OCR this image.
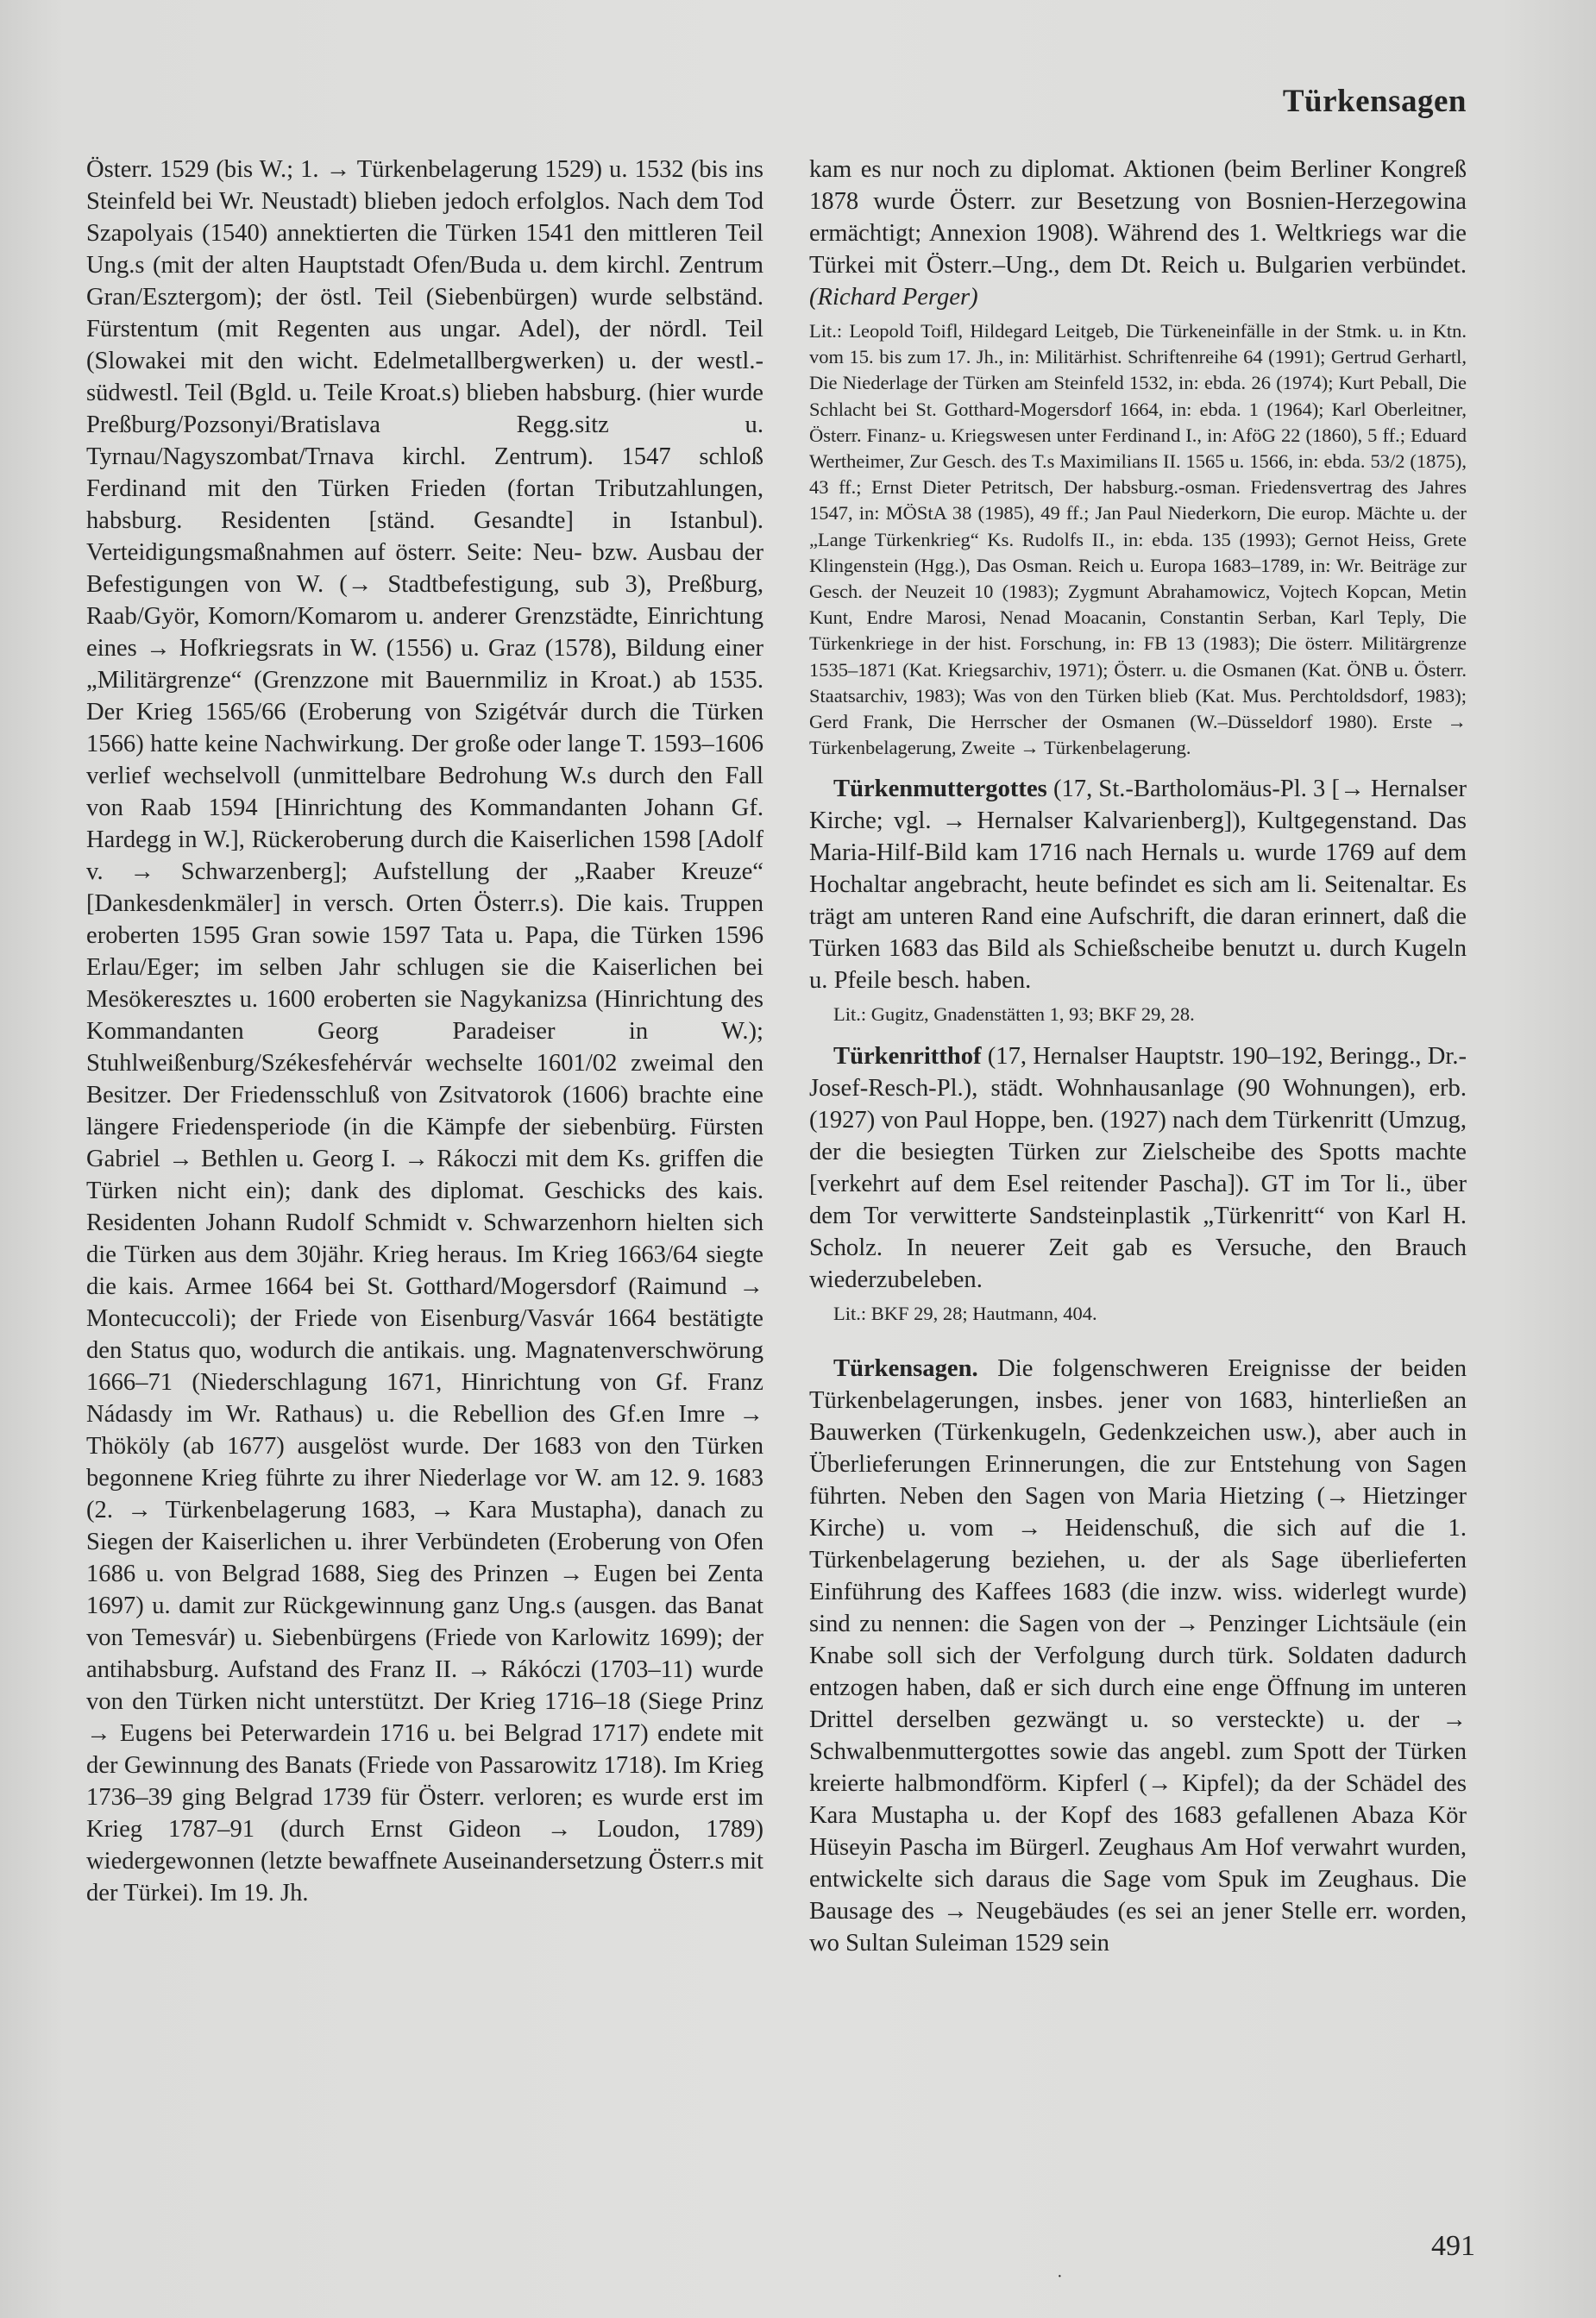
Türkensagen

Österr. 1529 (bis W.; 1. → Türkenbelagerung 1529) u. 1532 (bis ins Steinfeld bei Wr. Neustadt) blieben jedoch erfolglos. Nach dem Tod Szapolyais (1540) annektierten die Türken 1541 den mittleren Teil Ung.s (mit der alten Hauptstadt Ofen/Buda u. dem kirchl. Zentrum Gran/Esztergom); der östl. Teil (Siebenbürgen) wurde selbständ. Fürstentum (mit Regenten aus ungar. Adel), der nördl. Teil (Slowakei mit den wicht. Edelmetallbergwerken) u. der westl.-südwestl. Teil (Bgld. u. Teile Kroat.s) blieben habsburg. (hier wurde Preßburg/Pozsonyi/Bratislava Regg.sitz u. Tyrnau/Nagyszombat/Trnava kirchl. Zentrum). 1547 schloß Ferdinand mit den Türken Frieden (fortan Tributzahlungen, habsburg. Residenten [ständ. Gesandte] in Istanbul). Verteidigungsmaßnahmen auf österr. Seite: Neu- bzw. Ausbau der Befestigungen von W. (→ Stadtbefestigung, sub 3), Preßburg, Raab/Györ, Komorn/Komarom u. anderer Grenzstädte, Einrichtung eines → Hofkriegsrats in W. (1556) u. Graz (1578), Bildung einer „Militärgrenze“ (Grenzzone mit Bauernmiliz in Kroat.) ab 1535. Der Krieg 1565/66 (Eroberung von Szigétvár durch die Türken 1566) hatte keine Nachwirkung. Der große oder lange T. 1593–1606 verlief wechselvoll (unmittelbare Bedrohung W.s durch den Fall von Raab 1594 [Hinrichtung des Kommandanten Johann Gf. Hardegg in W.], Rückeroberung durch die Kaiserlichen 1598 [Adolf v. → Schwarzenberg]; Aufstellung der „Raaber Kreuze“ [Dankesdenkmäler] in versch. Orten Österr.s). Die kais. Truppen eroberten 1595 Gran sowie 1597 Tata u. Papa, die Türken 1596 Erlau/Eger; im selben Jahr schlugen sie die Kaiserlichen bei Mesökeresztes u. 1600 eroberten sie Nagykanizsa (Hinrichtung des Kommandanten Georg Paradeiser in W.); Stuhlweißenburg/Székesfehérvár wechselte 1601/02 zweimal den Besitzer. Der Friedensschluß von Zsitvatorok (1606) brachte eine längere Friedensperiode (in die Kämpfe der siebenbürg. Fürsten Gabriel → Bethlen u. Georg I. → Rákoczi mit dem Ks. griffen die Türken nicht ein); dank des diplomat. Geschicks des kais. Residenten Johann Rudolf Schmidt v. Schwarzenhorn hielten sich die Türken aus dem 30jähr. Krieg heraus. Im Krieg 1663/64 siegte die kais. Armee 1664 bei St. Gotthard/Mogersdorf (Raimund → Montecuccoli); der Friede von Eisenburg/Vasvár 1664 bestätigte den Status quo, wodurch die antikais. ung. Magnatenverschwörung 1666–71 (Niederschlagung 1671, Hinrichtung von Gf. Franz Nádasdy im Wr. Rathaus) u. die Rebellion des Gf.en Imre → Thököly (ab 1677) ausgelöst wurde. Der 1683 von den Türken begonnene Krieg führte zu ihrer Niederlage vor W. am 12. 9. 1683 (2. → Türkenbelagerung 1683, → Kara Mustapha), danach zu Siegen der Kaiserlichen u. ihrer Verbündeten (Eroberung von Ofen 1686 u. von Belgrad 1688, Sieg des Prinzen → Eugen bei Zenta 1697) u. damit zur Rückgewinnung ganz Ung.s (ausgen. das Banat von Temesvár) u. Siebenbürgens (Friede von Karlowitz 1699); der antihabsburg. Aufstand des Franz II. → Rákóczi (1703–11) wurde von den Türken nicht unterstützt. Der Krieg 1716–18 (Siege Prinz → Eugens bei Peterwardein 1716 u. bei Belgrad 1717) endete mit der Gewinnung des Banats (Friede von Passarowitz 1718). Im Krieg 1736–39 ging Belgrad 1739 für Österr. verloren; es wurde erst im Krieg 1787–91 (durch Ernst Gideon → Loudon, 1789) wiedergewonnen (letzte bewaffnete Auseinandersetzung Österr.s mit der Türkei). Im 19. Jh.

kam es nur noch zu diplomat. Aktionen (beim Berliner Kongreß 1878 wurde Österr. zur Besetzung von Bosnien-Herzegowina ermächtigt; Annexion 1908). Während des 1. Weltkriegs war die Türkei mit Österr.–Ung., dem Dt. Reich u. Bulgarien verbündet. (Richard Perger)

Lit.: Leopold Toifl, Hildegard Leitgeb, Die Türkeneinfälle in der Stmk. u. in Ktn. vom 15. bis zum 17. Jh., in: Militärhist. Schriftenreihe 64 (1991); Gertrud Gerhartl, Die Niederlage der Türken am Steinfeld 1532, in: ebda. 26 (1974); Kurt Peball, Die Schlacht bei St. Gotthard-Mogersdorf 1664, in: ebda. 1 (1964); Karl Oberleitner, Österr. Finanz- u. Kriegswesen unter Ferdinand I., in: AföG 22 (1860), 5 ff.; Eduard Wertheimer, Zur Gesch. des T.s Maximilians II. 1565 u. 1566, in: ebda. 53/2 (1875), 43 ff.; Ernst Dieter Petritsch, Der habsburg.-osman. Friedensvertrag des Jahres 1547, in: MÖStA 38 (1985), 49 ff.; Jan Paul Niederkorn, Die europ. Mächte u. der „Lange Türkenkrieg“ Ks. Rudolfs II., in: ebda. 135 (1993); Gernot Heiss, Grete Klingenstein (Hgg.), Das Osman. Reich u. Europa 1683–1789, in: Wr. Beiträge zur Gesch. der Neuzeit 10 (1983); Zygmunt Abrahamowicz, Vojtech Kopcan, Metin Kunt, Endre Marosi, Nenad Moacanin, Constantin Serban, Karl Teply, Die Türkenkriege in der hist. Forschung, in: FB 13 (1983); Die österr. Militärgrenze 1535–1871 (Kat. Kriegsarchiv, 1971); Österr. u. die Osmanen (Kat. ÖNB u. Österr. Staatsarchiv, 1983); Was von den Türken blieb (Kat. Mus. Perchtoldsdorf, 1983); Gerd Frank, Die Herrscher der Osmanen (W.–Düsseldorf 1980). Erste → Türkenbelagerung, Zweite → Türkenbelagerung.

Türkenmuttergottes (17, St.-Bartholomäus-Pl. 3 [→ Hernalser Kirche; vgl. → Hernalser Kalvarienberg]), Kultgegenstand. Das Maria-Hilf-Bild kam 1716 nach Hernals u. wurde 1769 auf dem Hochaltar angebracht, heute befindet es sich am li. Seitenaltar. Es trägt am unteren Rand eine Aufschrift, die daran erinnert, daß die Türken 1683 das Bild als Schießscheibe benutzt u. durch Kugeln u. Pfeile besch. haben.

Lit.: Gugitz, Gnadenstätten 1, 93; BKF 29, 28.

Türkenritthof (17, Hernalser Hauptstr. 190–192, Beringg., Dr.-Josef-Resch-Pl.), städt. Wohnhausanlage (90 Wohnungen), erb. (1927) von Paul Hoppe, ben. (1927) nach dem Türkenritt (Umzug, der die besiegten Türken zur Zielscheibe des Spotts machte [verkehrt auf dem Esel reitender Pascha]). GT im Tor li., über dem Tor verwitterte Sandsteinplastik „Türkenritt“ von Karl H. Scholz. In neuerer Zeit gab es Versuche, den Brauch wiederzubeleben.

Lit.: BKF 29, 28; Hautmann, 404.

Türkensagen. Die folgenschweren Ereignisse der beiden Türkenbelagerungen, insbes. jener von 1683, hinterließen an Bauwerken (Türkenkugeln, Gedenkzeichen usw.), aber auch in Überlieferungen Erinnerungen, die zur Entstehung von Sagen führten. Neben den Sagen von Maria Hietzing (→ Hietzinger Kirche) u. vom → Heidenschuß, die sich auf die 1. Türkenbelagerung beziehen, u. der als Sage überlieferten Einführung des Kaffees 1683 (die inzw. wiss. widerlegt wurde) sind zu nennen: die Sagen von der → Penzinger Lichtsäule (ein Knabe soll sich der Verfolgung durch türk. Soldaten dadurch entzogen haben, daß er sich durch eine enge Öffnung im unteren Drittel derselben gezwängt u. so versteckte) u. der → Schwalbenmuttergottes sowie das angebl. zum Spott der Türken kreierte halbmondförm. Kipferl (→ Kipfel); da der Schädel des Kara Mustapha u. der Kopf des 1683 gefallenen Abaza Kör Hüseyin Pascha im Bürgerl. Zeughaus Am Hof verwahrt wurden, entwickelte sich daraus die Sage vom Spuk im Zeughaus. Die Bausage des → Neugebäudes (es sei an jener Stelle err. worden, wo Sultan Suleiman 1529 sein

491
·
